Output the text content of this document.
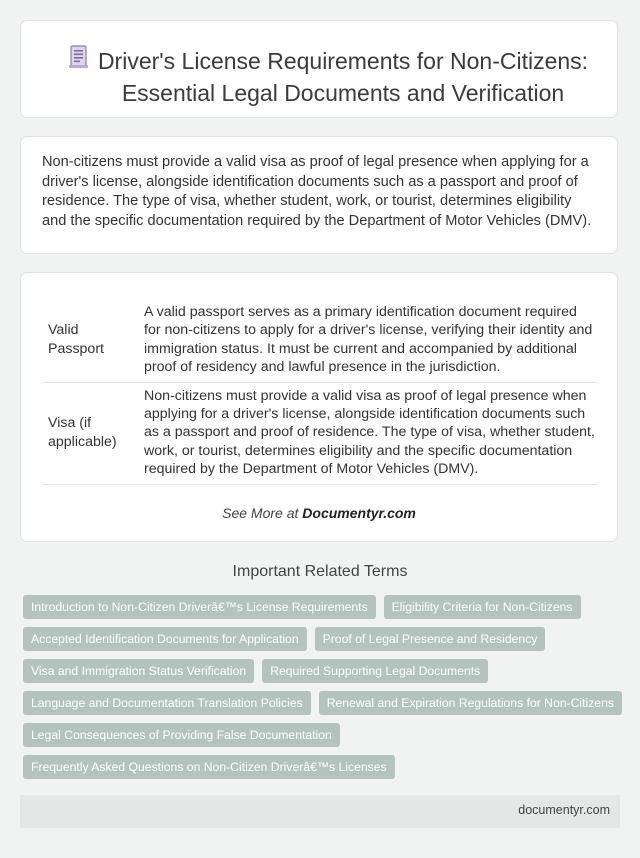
Driver's License Requirements for Non-Citizens: Essential Legal Documents and Verification

Non-citizens must provide a valid visa as proof of legal presence when applying for a driver's license, alongside identification documents such as a passport and proof of residence. The type of visa, whether student, work, or tourist, determines eligibility and the specific documentation required by the Department of Motor Vehicles (DMV).

Valid Passport	A valid passport serves as a primary identification document required for non-citizens to apply for a driver's license, verifying their identity and immigration status. It must be current and accompanied by additional proof of residency and lawful presence in the jurisdiction.
Visa (if applicable)	Non-citizens must provide a valid visa as proof of legal presence when applying for a driver's license, alongside identification documents such as a passport and proof of residence. The type of visa, whether student, work, or tourist, determines eligibility and the specific documentation required by the Department of Motor Vehicles (DMV).
See More at Documentyr.com
Important Related Terms
Introduction to Non-Citizen Driverâ€™s License Requirements	Eligibility Criteria for Non-Citizens
Accepted Identification Documents for Application	Proof of Legal Presence and Residency
Visa and Immigration Status Verification	Required Supporting Legal Documents
Language and Documentation Translation Policies	Renewal and Expiration Regulations for Non-Citizens
Legal Consequences of Providing False Documentation
Frequently Asked Questions on Non-Citizen Driverâ€™s Licenses
documentyr.com
